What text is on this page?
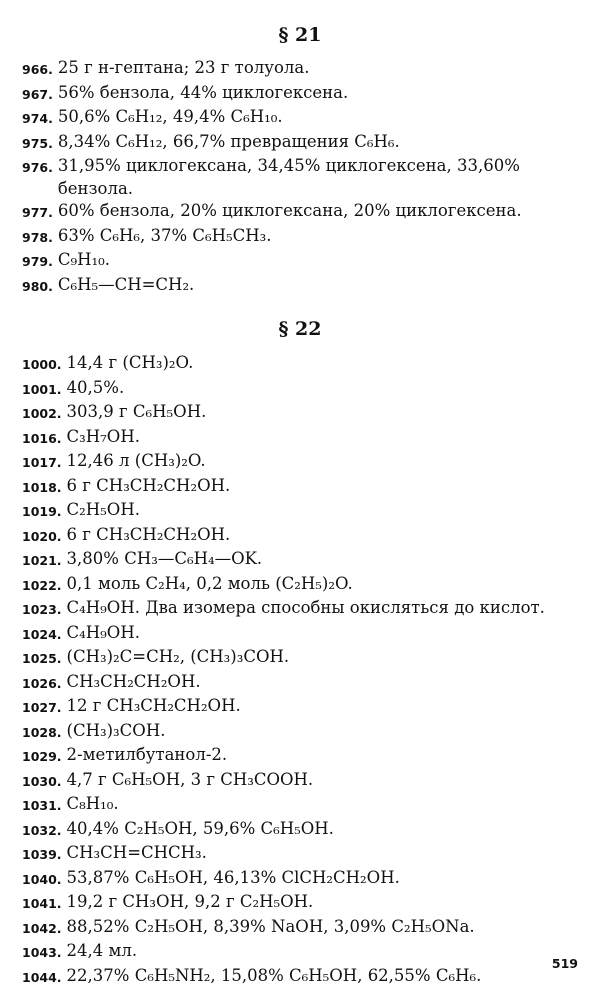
§ 21
966. 25 г н-гептана; 23 г толуола.
967. 56% бензола, 44% циклогексена.
974. 50,6% C₆H₁₂, 49,4% C₆H₁₀.
975. 8,34% C₆H₁₂, 66,7% превращения C₆H₆.
976. 31,95% циклогексана, 34,45% циклогексена, 33,60%
бензола.
977. 60% бензола, 20% циклогексана, 20% циклогексена.
978. 63% C₆H₆, 37% C₆H₅CH₃.
979. C₉H₁₀.
980. C₆H₅—CH=CH₂.
§ 22
1000. 14,4 г (CH₃)₂O.
1001. 40,5%.
1002. 303,9 г C₆H₅OH.
1016. C₃H₇OH.
1017. 12,46 л (CH₃)₂O.
1018. 6 г CH₃CH₂CH₂OH.
1019. C₂H₅OH.
1020. 6 г CH₃CH₂CH₂OH.
1021. 3,80% CH₃—C₆H₄—OK.
1022. 0,1 моль C₂H₄, 0,2 моль (C₂H₅)₂O.
1023. C₄H₉OH. Два изомера способны окисляться до кислот.
1024. C₄H₉OH.
1025. (CH₃)₂C=CH₂, (CH₃)₃COH.
1026. CH₃CH₂CH₂OH.
1027. 12 г CH₃CH₂CH₂OH.
1028. (CH₃)₃COH.
1029. 2-метилбутанол-2.
1030. 4,7 г C₆H₅OH, 3 г CH₃COOH.
1031. C₈H₁₀.
1032. 40,4% C₂H₅OH, 59,6% C₆H₅OH.
1039. CH₃CH=CHCH₃.
1040. 53,87% C₆H₅OH, 46,13% ClCH₂CH₂OH.
1041. 19,2 г CH₃OH, 9,2 г C₂H₅OH.
1042. 88,52% C₂H₅OH, 8,39% NaOH, 3,09% C₂H₅ONa.
1043. 24,4 мл.
1044. 22,37% C₆H₅NH₂, 15,08% C₆H₅OH, 62,55% C₆H₆.
519
